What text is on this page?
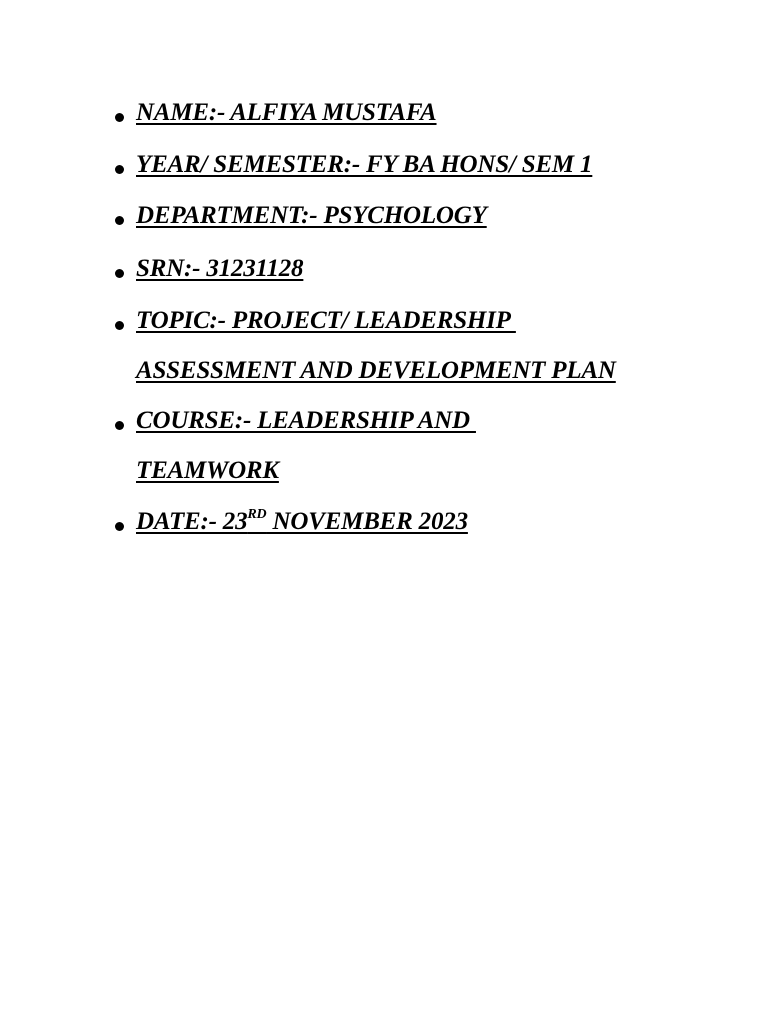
NAME:- ALFIYA MUSTAFA
YEAR/ SEMESTER:- FY BA HONS/ SEM 1
DEPARTMENT:- PSYCHOLOGY
SRN:- 31231128
TOPIC:- PROJECT/ LEADERSHIP
ASSESSMENT AND DEVELOPMENT PLAN
COURSE:- LEADERSHIP AND
TEAMWORK
DATE:- 23RD NOVEMBER 2023
